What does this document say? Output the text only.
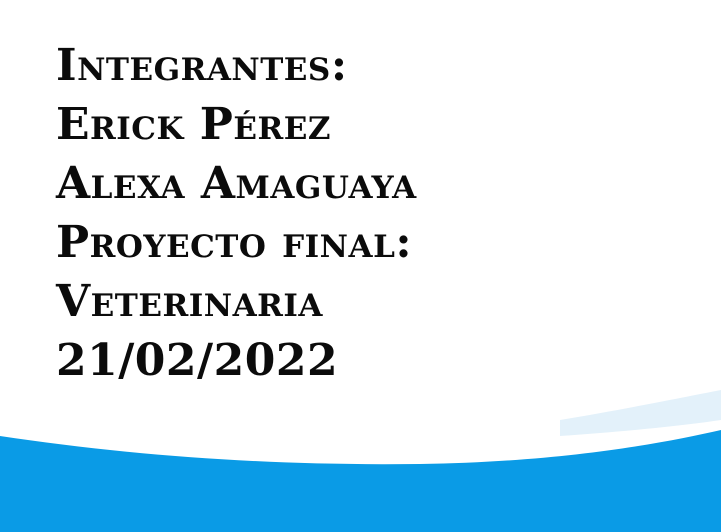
Integrantes:
Erick Pérez
Alexa Amaguaya
Proyecto final:
Veterinaria
21/02/2022
